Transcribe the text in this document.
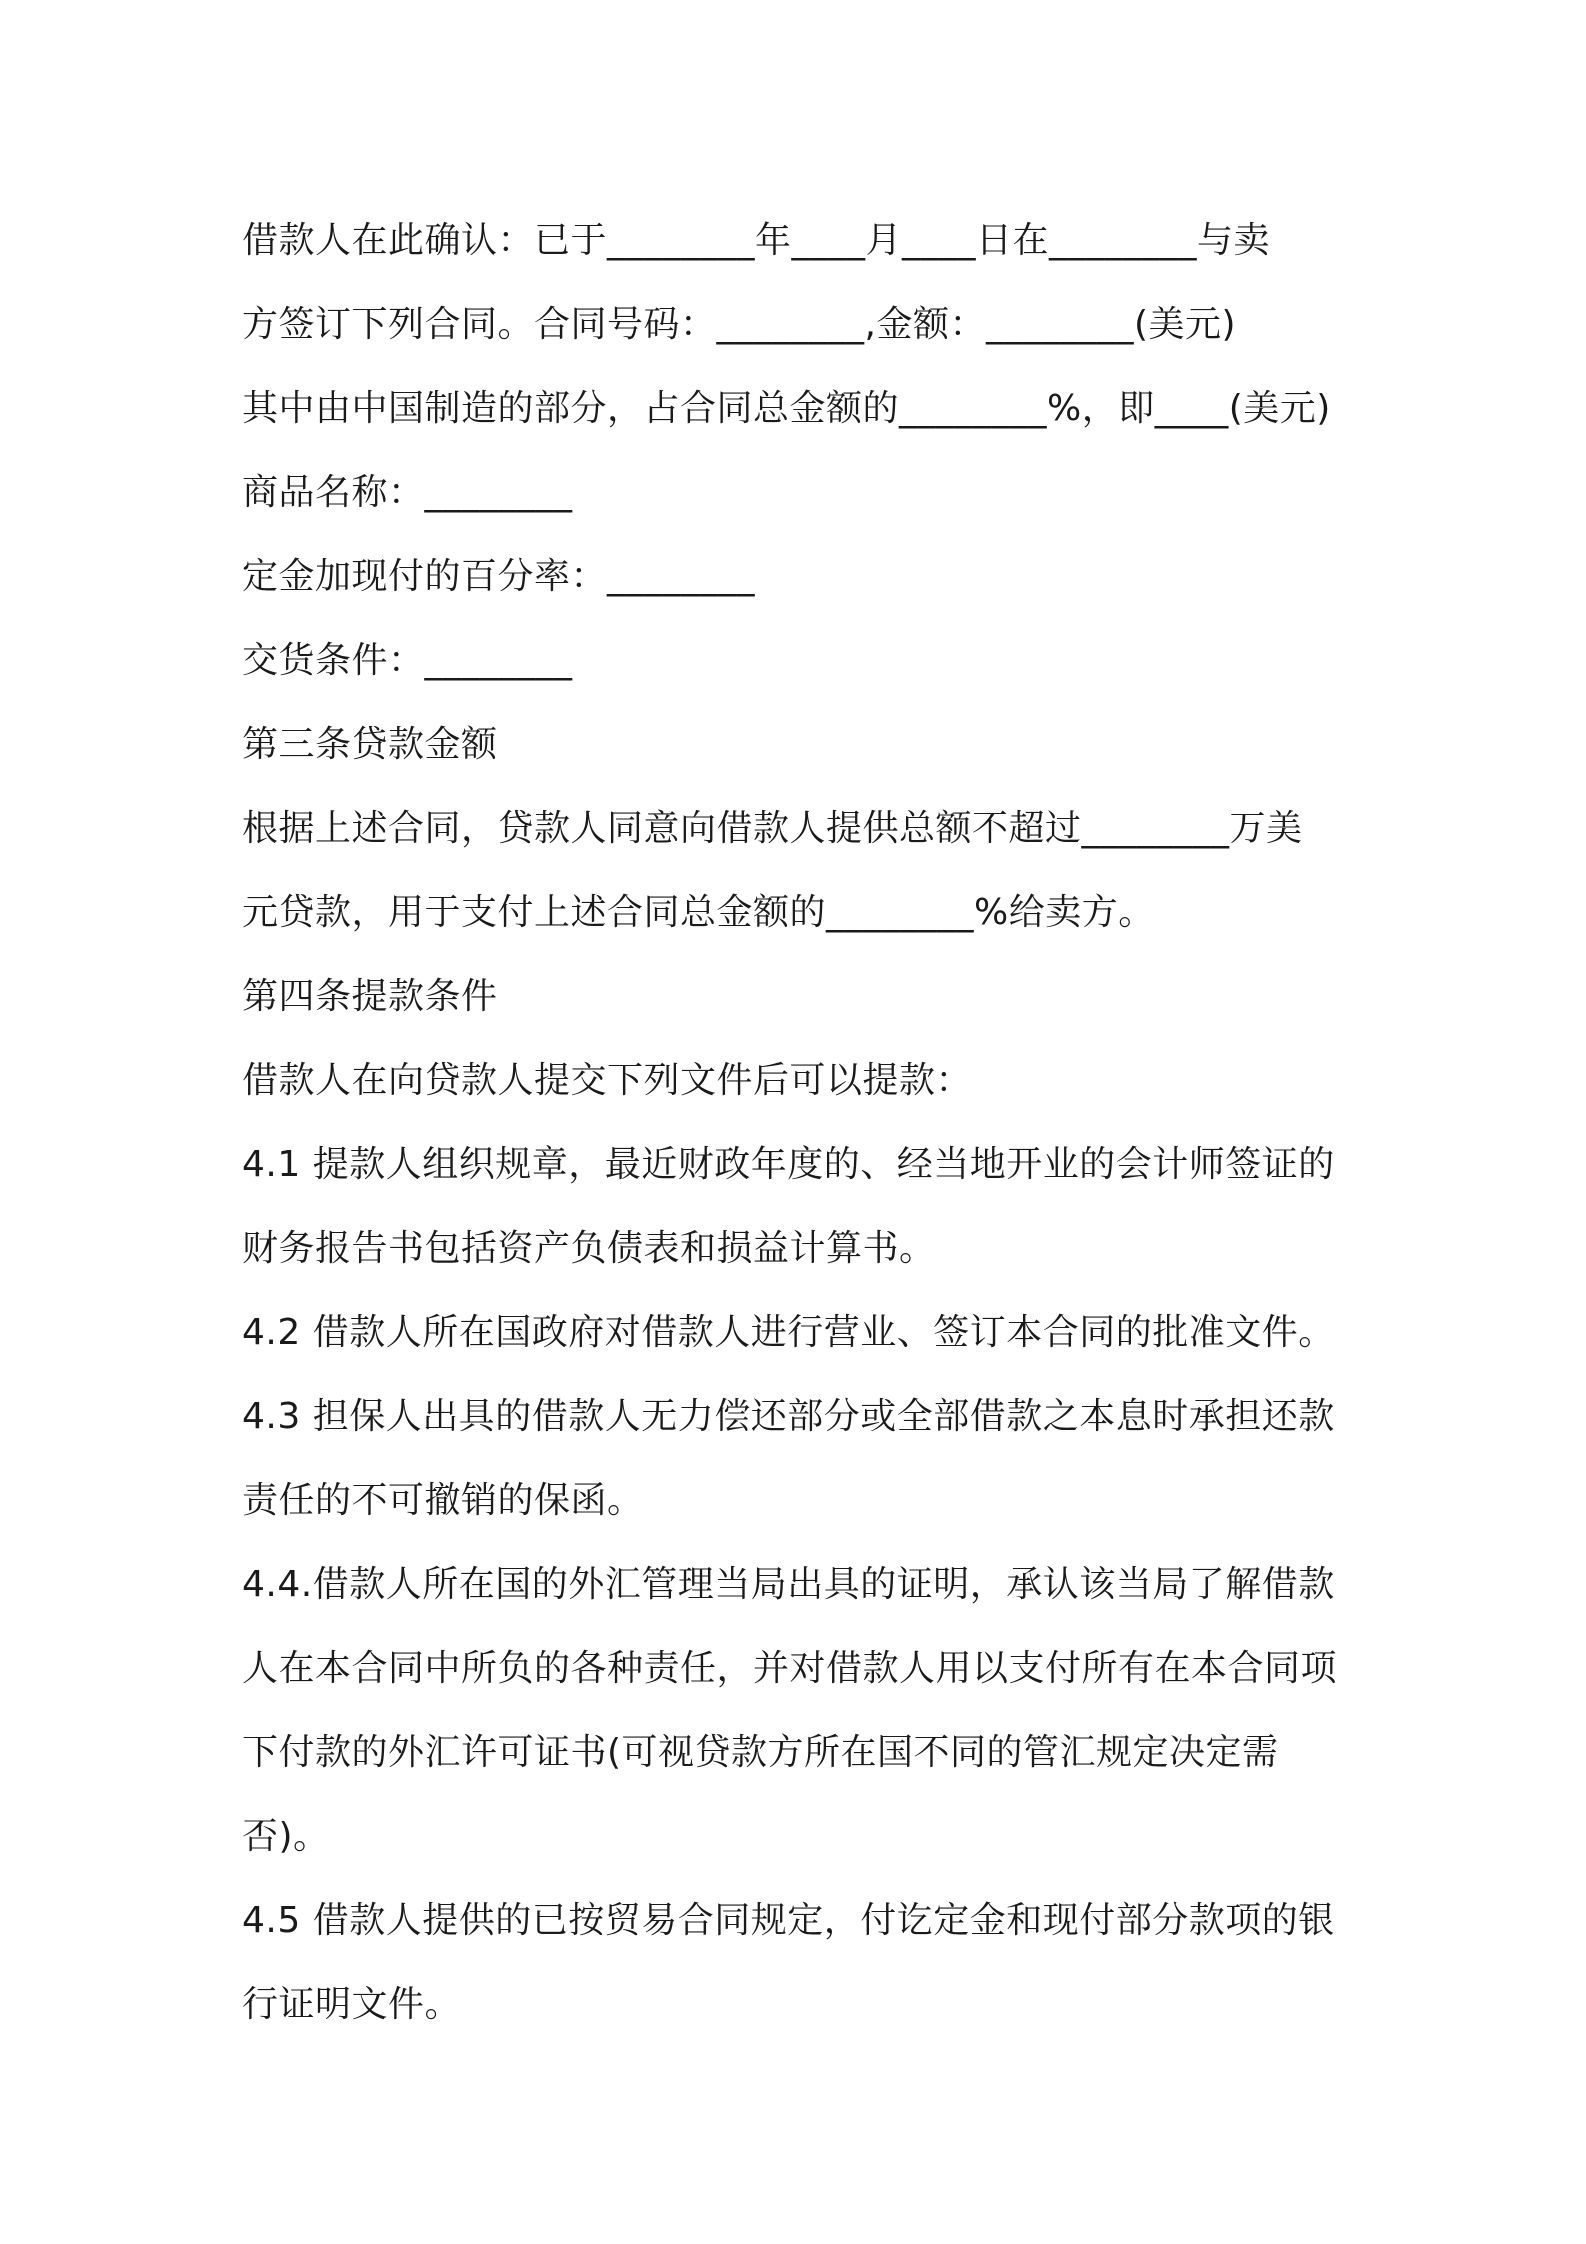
借款人在此确认：已于________年____月____日在________与卖
方签订下列合同。合同号码：________,金额：________(美元)
其中由中国制造的部分，占合同总金额的________%，即____(美元)
商品名称：________
定金加现付的百分率：________
交货条件：________
第三条贷款金额
根据上述合同，贷款人同意向借款人提供总额不超过________万美
元贷款，用于支付上述合同总金额的________%给卖方。
第四条提款条件
借款人在向贷款人提交下列文件后可以提款：
4.1 提款人组织规章，最近财政年度的、经当地开业的会计师签证的
财务报告书包括资产负债表和损益计算书。
4.2 借款人所在国政府对借款人进行营业、签订本合同的批准文件。
4.3 担保人出具的借款人无力偿还部分或全部借款之本息时承担还款
责任的不可撤销的保函。
4.4.借款人所在国的外汇管理当局出具的证明，承认该当局了解借款
人在本合同中所负的各种责任，并对借款人用以支付所有在本合同项
下付款的外汇许可证书(可视贷款方所在国不同的管汇规定决定需
否)。
4.5 借款人提供的已按贸易合同规定，付讫定金和现付部分款项的银
行证明文件。
